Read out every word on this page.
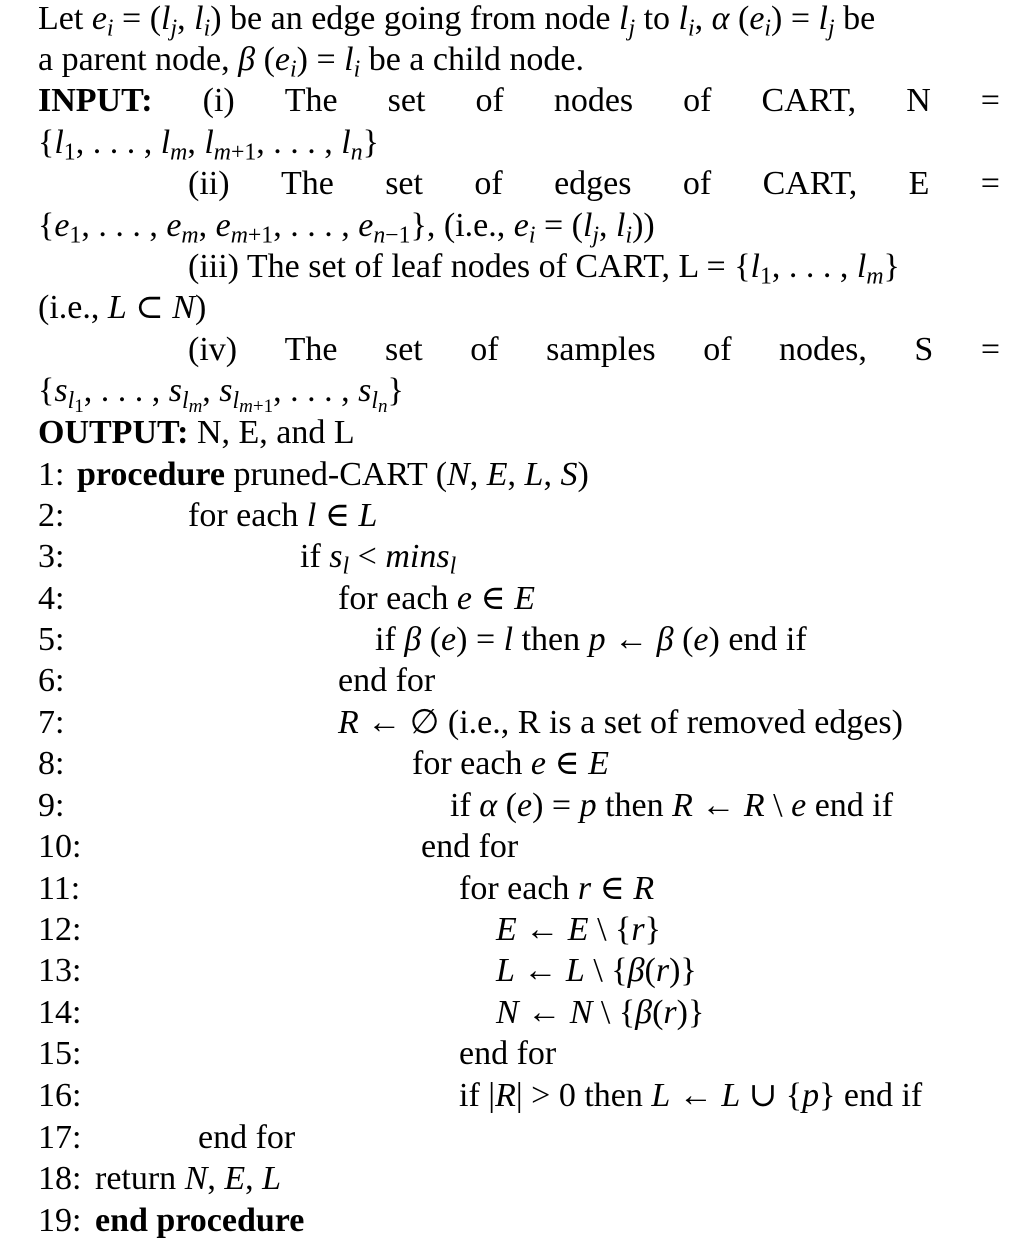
Let $e_i = (l_j$, $l_i$) be an edge going from node $l_j$ to $l_i$, α $(e_i) = l_j$ be
a parent node, β $(e_i) = l_i$ be a child node.
INPUT: (i) The set of nodes of CART, N =
{$l_1$, . . . , $l_m$, $l_{m+1}$, . . . , $l_n$}
(ii) The set of edges of CART, E =
{$e_1$, . . . , $e_m$, $e_{m+1}$, . . . , $e_{n-1}$}, (i.e., $e_i = (l_j$, $l_i$))
(iii) The set of leaf nodes of CART, $L = \{l_1$, . . . , $l_m$}
(i.e., L ⊂ N)
(iv) The set of samples of nodes, S =
{$s_{l_1}$, . . . , $s_{l_m}$, $s_{l_{m+1}}$, . . . , $s_{l_n}$}
OUTPUT: N, E, and L
1:
2:
3:
4:
5:
6:
7:
8:
9:
10:
11:
12:
13:
14:
15:
16:
17:
18:
19:
procedure pruned-CART (N, E, L, S)
for each l ∈ L
if $s_l < \min s_l$
for each e ∈ E
if β (e) = l then p ← β (e) end if
end for
R ← ∅ (i.e., R is a set of removed edges)
for each e ∈ E
if α (e) = p then R ← R \ e end if
end for
for each r ∈ R
E ← E \ {r}
L ← L \ {β(r)}
N ← N \ {β(r)}
end for
if |R| > 0 then L ← L ∪ {p} end if
end for
return N, E, L
end procedure
